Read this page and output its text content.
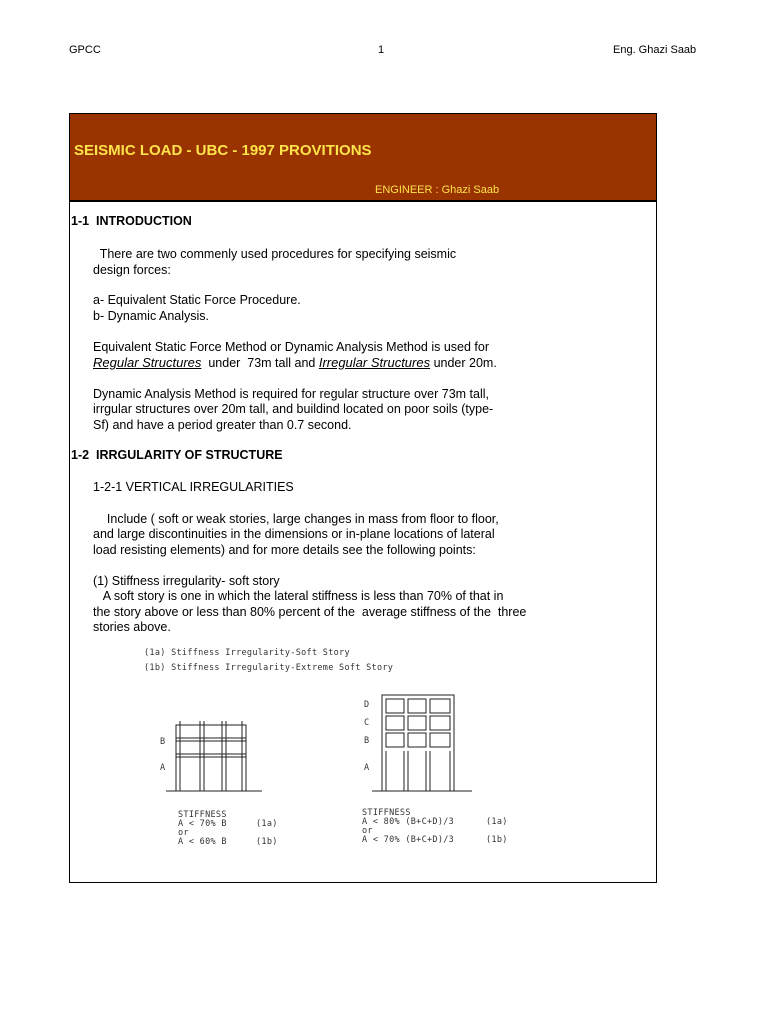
GPCC	1	Eng. Ghazi Saab
SEISMIC LOAD - UBC - 1997 PROVITIONS
ENGINEER : Ghazi Saab
1-1  INTRODUCTION
There are two commenly used procedures for specifying seismic
design forces:
a- Equivalent Static Force Procedure.
b- Dynamic Analysis.
Equivalent Static Force Method or Dynamic Analysis Method is used for
Regular Structures  under  73m tall and Irregular Structures under 20m.
Dynamic Analysis Method is required for regular structure over 73m tall,
irrgular structures over 20m tall, and buildind located on poor soils (type-
Sf) and have a period greater than 0.7 second.
1-2  IRRGULARITY OF STRUCTURE
1-2-1 VERTICAL IRREGULARITIES
Include ( soft or weak stories, large changes in mass from floor to floor,
and large discontinuities in the dimensions or in-plane locations of lateral
load resisting elements) and for more details see the following points:
(1) Stiffness irregularity- soft story
A soft story is one in which the lateral stiffness is less than 70% of that in
the story above or less than 80% percent of the  average stiffness of the  three
stories above.
(1a) Stiffness Irregularity-Soft Story
(1b) Stiffness Irregularity-Extreme Soft Story
B
A
D
C
B
A
STIFFNESS
A < 70% B	(1a)
or
A < 60% B	(1b)
STIFFNESS
A < 80% (B+C+D)/3	(1a)
or
A < 70% (B+C+D)/3	(1b)
